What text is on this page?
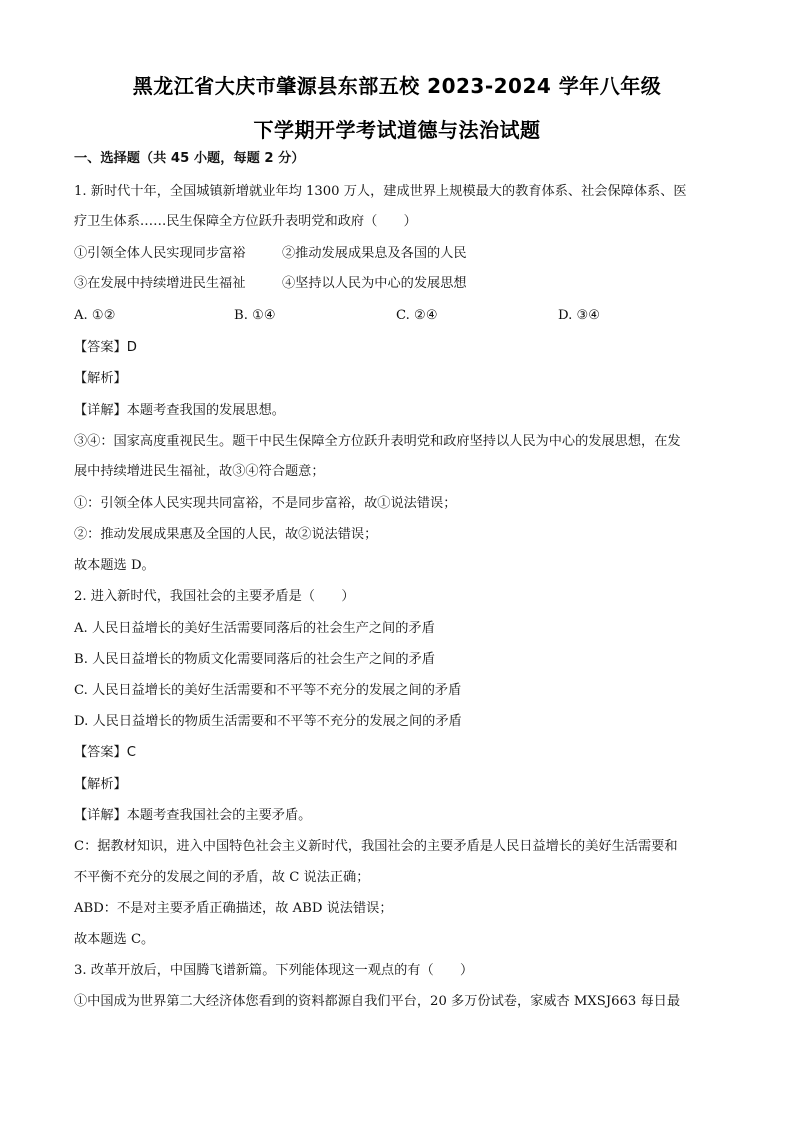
黑龙江省大庆市肇源县东部五校 2023-2024 学年八年级
下学期开学考试道德与法治试题
一、选择题（共 45 小题，每题 2 分）
1. 新时代十年，全国城镇新增就业年均 1300 万人，建成世界上规模最大的教育体系、社会保障体系、医
疗卫生体系……民生保障全方位跃升表明党和政府（　　）
①引领全体人民实现同步富裕	②推动发展成果息及各国的人民
③在发展中持续增进民生福祉	④坚持以人民为中心的发展思想
A. ①②	B. ①④	C. ②④	D. ③④
【答案】D
【解析】
【详解】本题考查我国的发展思想。
③④：国家高度重视民生。题干中民生保障全方位跃升表明党和政府坚持以人民为中心的发展思想，在发
展中持续增进民生福祉，故③④符合题意；
①：引领全体人民实现共同富裕，不是同步富裕，故①说法错误；
②：推动发展成果惠及全国的人民，故②说法错误；
故本题选 D。
2. 进入新时代，我国社会的主要矛盾是（　　）
A. 人民日益增长的美好生活需要同落后的社会生产之间的矛盾
B. 人民日益增长的物质文化需要同落后的社会生产之间的矛盾
C. 人民日益增长的美好生活需要和不平等不充分的发展之间的矛盾
D. 人民日益增长的物质生活需要和不平等不充分的发展之间的矛盾
【答案】C
【解析】
【详解】本题考查我国社会的主要矛盾。
C：据教材知识，进入中国特色社会主义新时代，我国社会的主要矛盾是人民日益增长的美好生活需要和
不平衡不充分的发展之间的矛盾，故 C 说法正确；
ABD：不是对主要矛盾正确描述，故 ABD 说法错误；
故本题选 C。
3. 改革开放后，中国腾飞谱新篇。下列能体现这一观点的有（　　）
①中国成为世界第二大经济体您看到的资料都源自我们平台，20 多万份试卷，家威杏 MXSJ663 每日最
